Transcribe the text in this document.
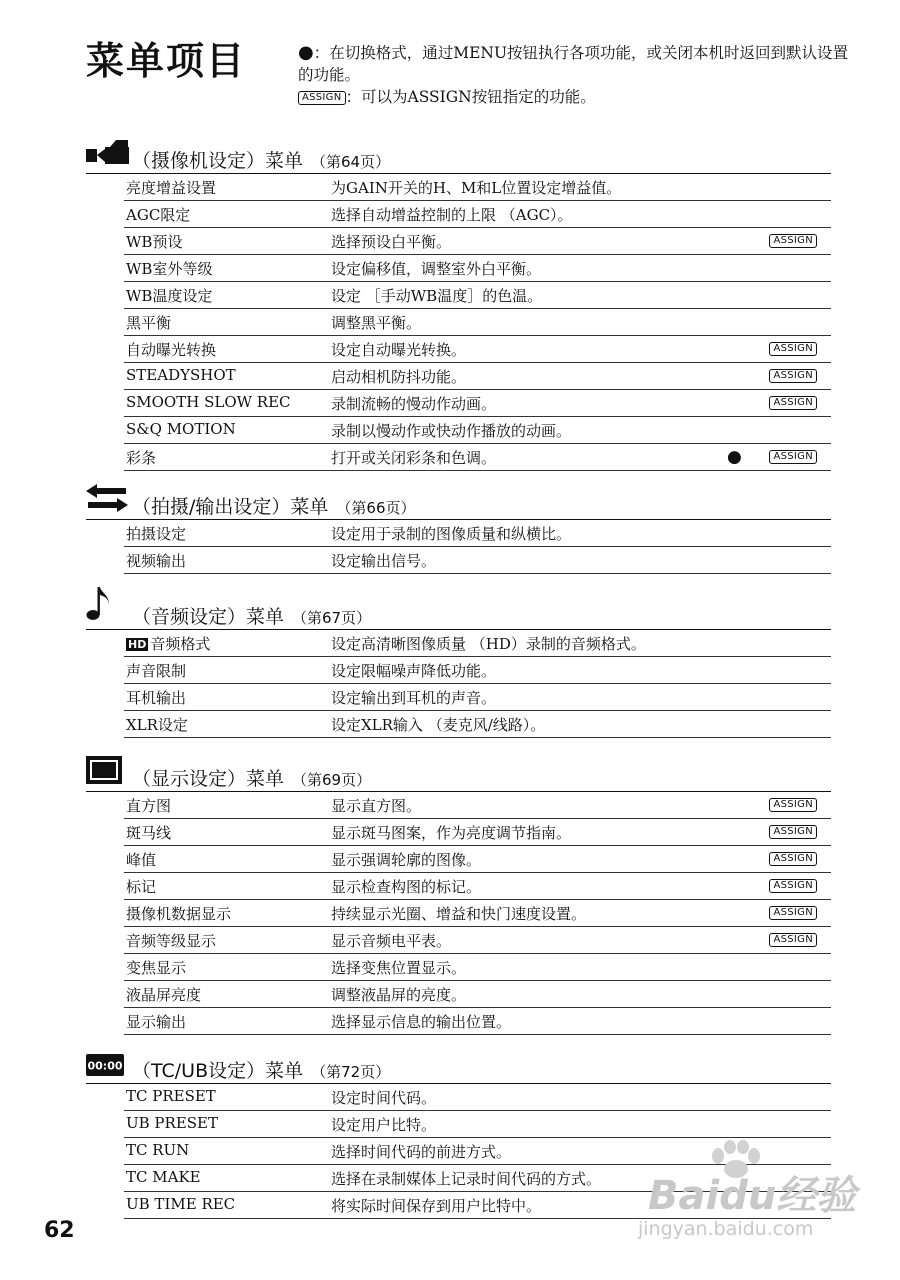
菜单项目	●：在切换格式，通过MENU按钮执行各项功能，或关闭本机时返回到默认设置的功能。
ASSIGN ：可以为ASSIGN按钮指定的功能。
（摄像机设定）菜单 （第64页）
亮度增益设置	为GAIN开关的H、M和L位置设定增益值。
AGC限定	选择自动增益控制的上限 （AGC）。
WB预设	选择预设白平衡。	ASSIGN
WB室外等级	设定偏移值，调整室外白平衡。
WB温度设定	设定 ［手动WB温度］的色温。
黑平衡	调整黑平衡。
自动曝光转换	设定自动曝光转换。	ASSIGN
STEADYSHOT	启动相机防抖功能。	ASSIGN
SMOOTH SLOW REC	录制流畅的慢动作动画。	ASSIGN
S&Q MOTION	录制以慢动作或快动作播放的动画。
彩条	打开或关闭彩条和色调。	●	ASSIGN
（拍摄/输出设定）菜单 （第66页）
拍摄设定	设定用于录制的图像质量和纵横比。
视频输出	设定输出信号。
（音频设定）菜单 （第67页）
HD 音频格式	设定高清晰图像质量 （HD）录制的音频格式。
声音限制	设定限幅噪声降低功能。
耳机输出	设定输出到耳机的声音。
XLR设定	设定XLR输入 （麦克风/线路）。
（显示设定）菜单 （第69页）
直方图	显示直方图。	ASSIGN
斑马线	显示斑马图案，作为亮度调节指南。	ASSIGN
峰值	显示强调轮廓的图像。	ASSIGN
标记	显示检查构图的标记。	ASSIGN
摄像机数据显示	持续显示光圈、增益和快门速度设置。	ASSIGN
音频等级显示	显示音频电平表。	ASSIGN
变焦显示	选择变焦位置显示。
液晶屏亮度	调整液晶屏的亮度。
显示输出	选择显示信息的输出位置。
00:00 （TC/UB设定）菜单 （第72页）
TC PRESET	设定时间代码。
UB PRESET	设定用户比特。
TC RUN	选择时间代码的前进方式。
TC MAKE	选择在录制媒体上记录时间代码的方式。
UB TIME REC	将实际时间保存到用户比特中。
62
Baidu经验
jingyan.baidu.com
